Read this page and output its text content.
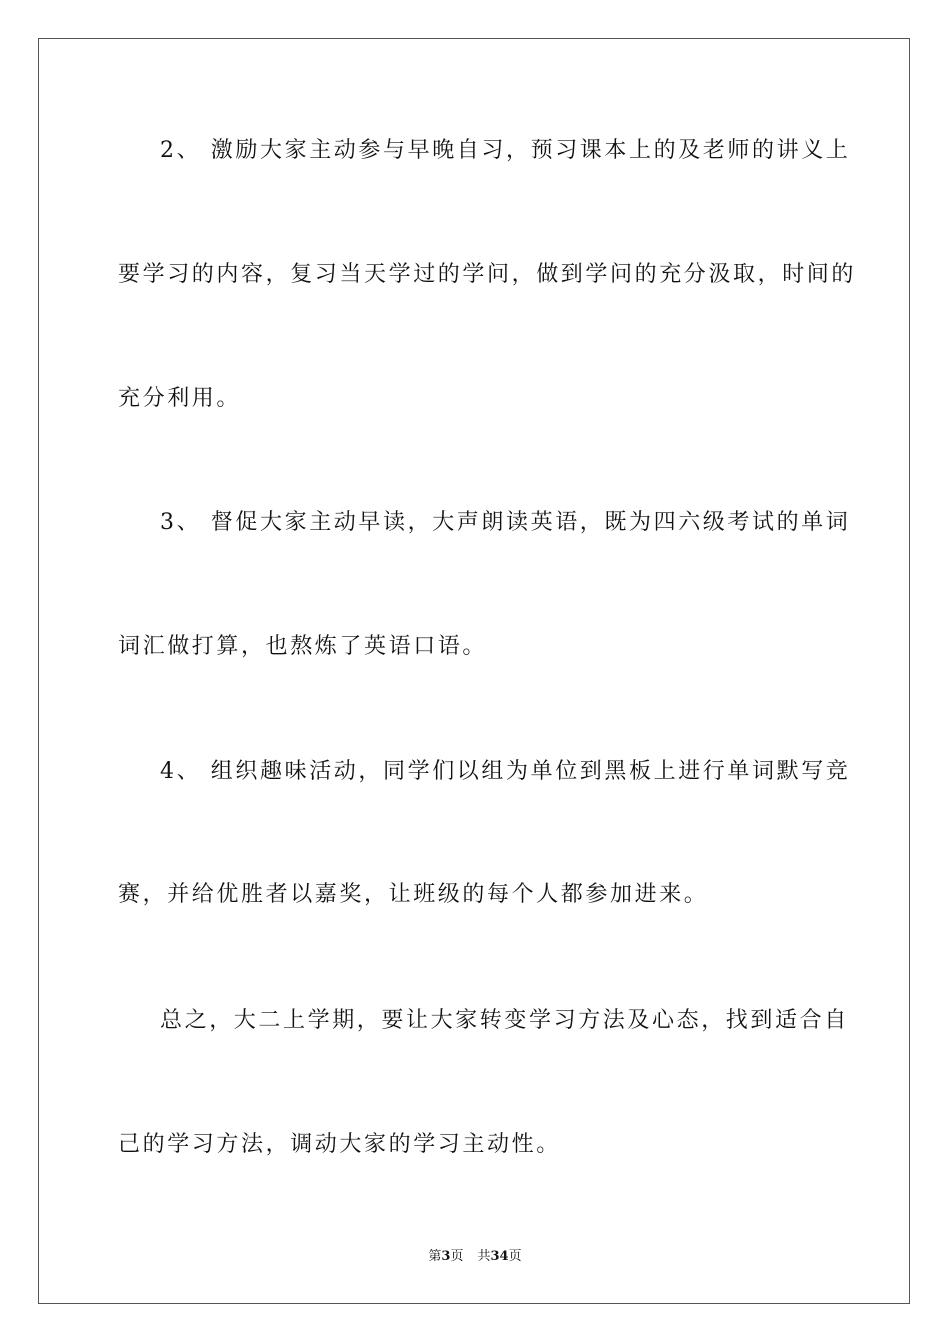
2、 激励大家主动参与早晚自习，预习课本上的及老师的讲义上
要学习的内容，复习当天学过的学问，做到学问的充分汲取，时间的
充分利用。
3、 督促大家主动早读，大声朗读英语，既为四六级考试的单词
词汇做打算，也熬炼了英语口语。
4、 组织趣味活动，同学们以组为单位到黑板上进行单词默写竞
赛，并给优胜者以嘉奖，让班级的每个人都参加进来。
总之，大二上学期，要让大家转变学习方法及心态，找到适合自
己的学习方法，调动大家的学习主动性。
第3页 共34页
